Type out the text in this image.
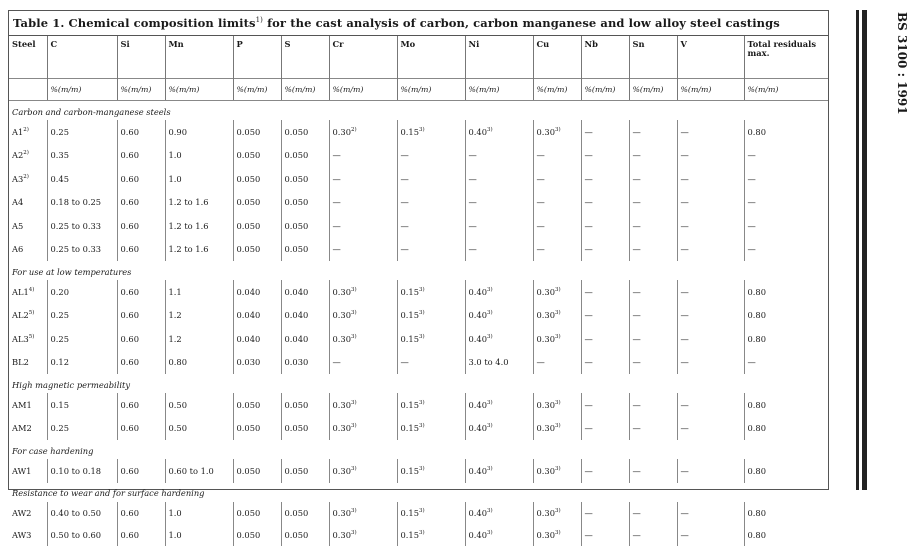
Table 1. Chemical composition limits$^{1)}$ for the cast analysis of carbon, carbon manganese and low alloy steel castings
Steel	C	Si	Mn	P	S	Cr	Mo	Ni	Cu	Nb	Sn	V	Total residuals max.
	%(m/m)	%(m/m)	%(m/m)	%(m/m)	%(m/m)	%(m/m)	%(m/m)	%(m/m)	%(m/m)	%(m/m)	%(m/m)	%(m/m)	%(m/m)
Carbon and carbon-manganese steels													
A1$^{2)}$	0.25	0.60	0.90	0.050	0.050	0.30$^{2)}$	0.15$^{3)}$	0.40$^{3)}$	0.30$^{3)}$	—	—	—	0.80
A2$^{2)}$	0.35	0.60	1.0	0.050	0.050	—	—	—	—	—	—	—	—
A3$^{2)}$	0.45	0.60	1.0	0.050	0.050	—	—	—	—	—	—	—	—
A4	0.18 to 0.25	0.60	1.2 to 1.6	0.050	0.050	—	—	—	—	—	—	—	—
A5	0.25 to 0.33	0.60	1.2 to 1.6	0.050	0.050	—	—	—	—	—	—	—	—
A6	0.25 to 0.33	0.60	1.2 to 1.6	0.050	0.050	—	—	—	—	—	—	—	—
For use at low temperatures													
AL1$^{4)}$	0.20	0.60	1.1	0.040	0.040	0.30$^{3)}$	0.15$^{3)}$	0.40$^{3)}$	0.30$^{3)}$	—	—	—	0.80
AL2$^{5)}$	0.25	0.60	1.2	0.040	0.040	0.30$^{3)}$	0.15$^{3)}$	0.40$^{3)}$	0.30$^{3)}$	—	—	—	0.80
AL3$^{5)}$	0.25	0.60	1.2	0.040	0.040	0.30$^{3)}$	0.15$^{3)}$	0.40$^{3)}$	0.30$^{3)}$	—	—	—	0.80
BL2	0.12	0.60	0.80	0.030	0.030	—	—	3.0 to 4.0	—	—	—	—	—
High magnetic permeability													
AM1	0.15	0.60	0.50	0.050	0.050	0.30$^{3)}$	0.15$^{3)}$	0.40$^{3)}$	0.30$^{3)}$	—	—	—	0.80
AM2	0.25	0.60	0.50	0.050	0.050	0.30$^{3)}$	0.15$^{3)}$	0.40$^{3)}$	0.30$^{3)}$	—	—	—	0.80
For case hardening													
AW1	0.10 to 0.18	0.60	0.60 to 1.0	0.050	0.050	0.30$^{3)}$	0.15$^{3)}$	0.40$^{3)}$	0.30$^{3)}$	—	—	—	0.80
Resistance to wear and for surface hardening													
AW2	0.40 to 0.50	0.60	1.0	0.050	0.050	0.30$^{3)}$	0.15$^{3)}$	0.40$^{3)}$	0.30$^{3)}$	—	—	—	0.80
AW3	0.50 to 0.60	0.60	1.0	0.050	0.050	0.30$^{3)}$	0.15$^{3)}$	0.40$^{3)}$	0.30$^{3)}$	—	—	—	0.80
BS 3100 : 1991
